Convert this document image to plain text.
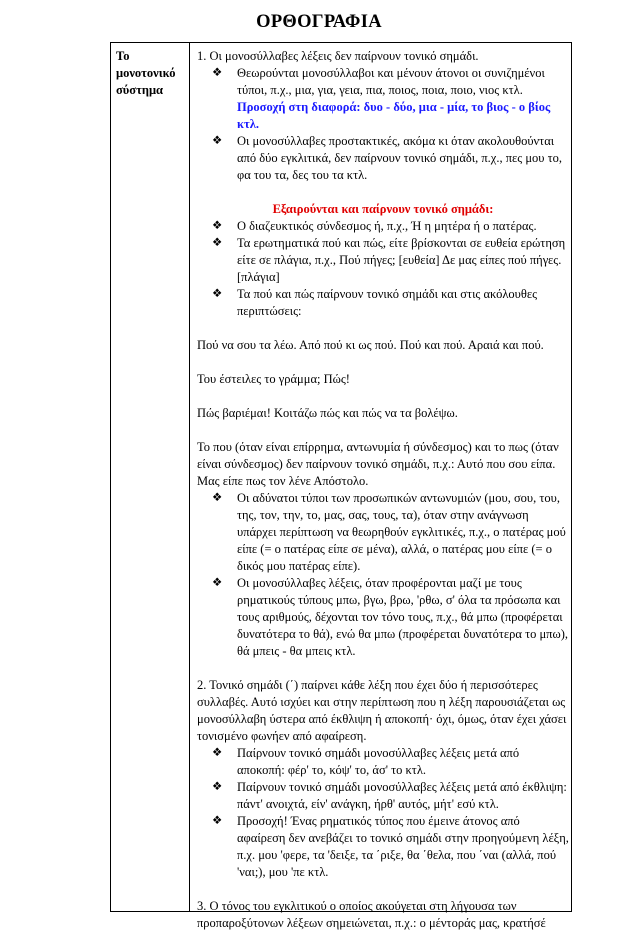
ΟΡΘΟΓΡΑΦΙΑ
Το
μονοτονικό
σύστημα

1. Οι μονοσύλλαβες λέξεις δεν παίρνουν τονικό σημάδι.

❖ Θεωρούνται μονοσύλλαβοι και μένουν άτονοι οι συνιζημένοι τύποι, π.χ., μια, για, γεια, πια, ποιος, ποια, ποιο, νιος κτλ.
Προσοχή στη διαφορά: δυο - δύο, μια - μία, το βιος - ο βίος κτλ.
❖ Οι μονοσύλλαβες προστακτικές, ακόμα κι όταν ακολουθούνται από δύο εγκλιτικά, δεν παίρνουν τονικό σημάδι, π.χ., πες μου το, φα του τα, δες του τα κτλ.

Εξαιρούνται και παίρνουν τονικό σημάδι:

❖ Ο διαζευκτικός σύνδεσμος ή, π.χ., Ή η μητέρα ή ο πατέρας.
❖ Τα ερωτηματικά πού και πώς, είτε βρίσκονται σε ευθεία ερώτηση είτε σε πλάγια, π.χ., Πού πήγες; [ευθεία] Δε μας είπες πού πήγες. [πλάγια]
❖ Τα πού και πώς παίρνουν τονικό σημάδι και στις ακόλουθες περιπτώσεις:

Πού να σου τα λέω. Από πού κι ως πού. Πού και πού. Αραιά και πού.

Του έστειλες το γράμμα; Πώς!

Πώς βαριέμαι! Κοιτάζω πώς και πώς να τα βολέψω.

Το που (όταν είναι επίρρημα, αντωνυμία ή σύνδεσμος) και το πως (όταν είναι σύνδεσμος) δεν παίρνουν τονικό σημάδι, π.χ.: Αυτό που σου είπα. Μας είπε πως τον λένε Απόστολο.

❖ Οι αδύνατοι τύποι των προσωπικών αντωνυμιών (μου, σου, του, της, τον, την, το, μας, σας, τους, τα), όταν στην ανάγνωση υπάρχει περίπτωση να θεωρηθούν εγκλιτικές, π.χ., ο πατέρας μού είπε (= ο πατέρας είπε σε μένα), αλλά, ο πατέρας μου είπε (= ο δικός μου πατέρας είπε).
❖ Οι μονοσύλλαβες λέξεις, όταν προφέρονται μαζί με τους ρηματικούς τύπους μπω, βγω, βρω, 'ρθω, σ' όλα τα πρόσωπα και τους αριθμούς, δέχονται τον τόνο τους, π.χ., θά μπω (προφέρεται δυνατότερα το θά), ενώ θα μπω (προφέρεται δυνατότερα το μπω), θά μπεις - θα μπεις κτλ.

2. Τονικό σημάδι (΄) παίρνει κάθε λέξη που έχει δύο ή περισσότερες συλλαβές. Αυτό ισχύει και στην περίπτωση που η λέξη παρουσιάζεται ως μονοσύλλαβη ύστερα από έκθλιψη ή αποκοπή· όχι, όμως, όταν έχει χάσει τονισμένο φωνήεν από αφαίρεση.

❖ Παίρνουν τονικό σημάδι μονοσύλλαβες λέξεις μετά από αποκοπή: φέρ' το, κόψ' το, άσ' το κτλ.
❖ Παίρνουν τονικό σημάδι μονοσύλλαβες λέξεις μετά από έκθλιψη: πάντ' ανοιχτά, είν' ανάγκη, ήρθ' αυτός, μήτ' εσύ κτλ.
❖ Προσοχή! Ένας ρηματικός τύπος που έμεινε άτονος από αφαίρεση δεν ανεβάζει το τονικό σημάδι στην προηγούμενη λέξη, π.χ. μου 'φερε, τα 'δειξε, τα ΄ριξε, θα ΄θελα, που ΄ναι (αλλά, πού 'ναι;), μου 'πε κτλ.

3. Ο τόνος του εγκλιτικού ο οποίος ακούγεται στη λήγουσα των προπαροξύτονων λέξεων σημειώνεται, π.χ.: ο μέντοράς μας, κρατήσέ
